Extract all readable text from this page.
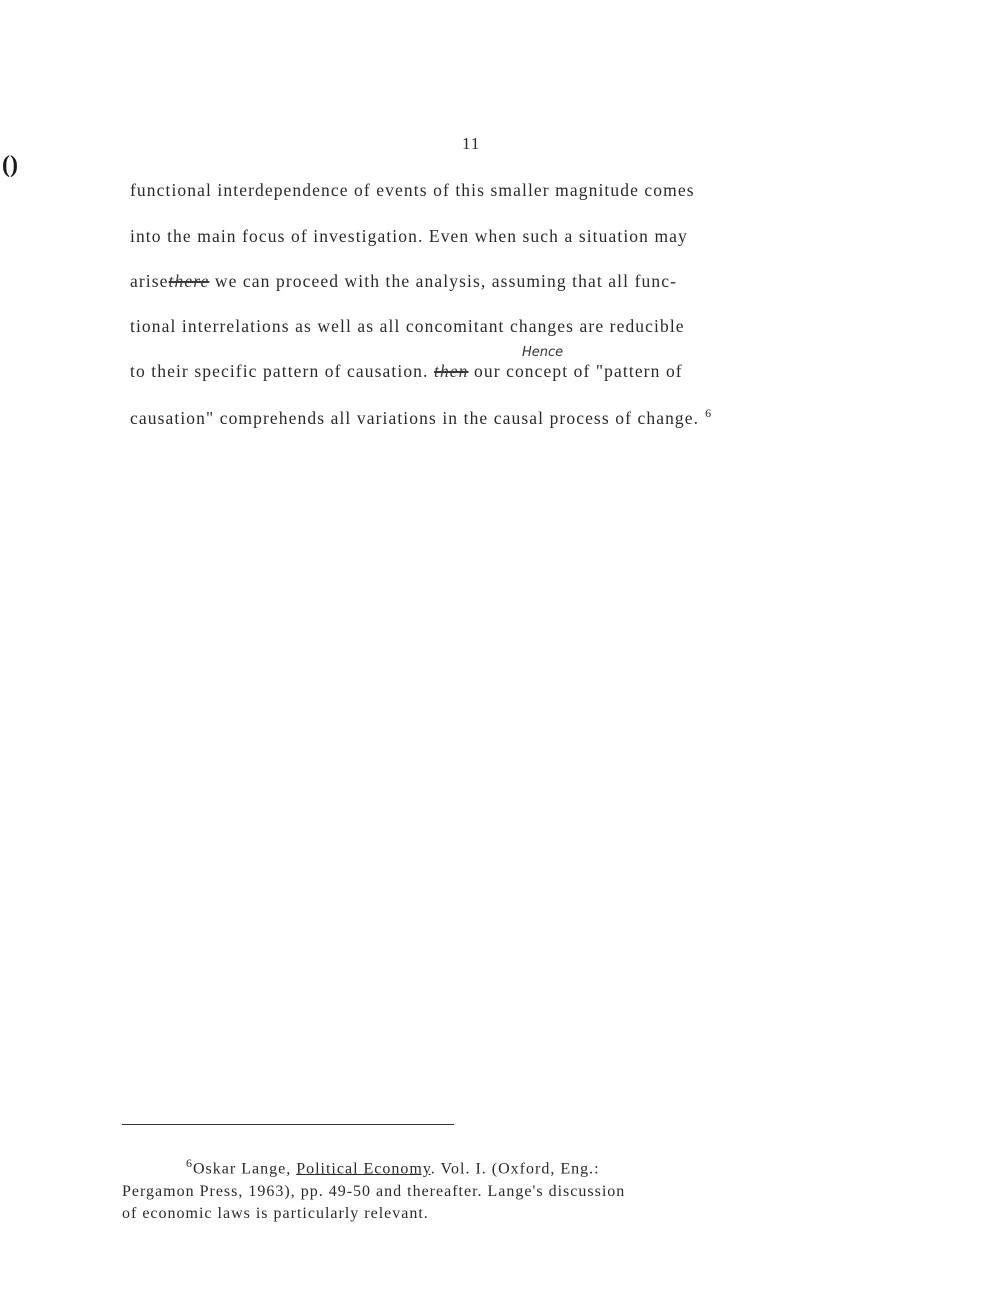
()
11
functional interdependence of events of this smaller magnitude comes
into the main focus of investigation. Even when such a situation may
arisethere we can proceed with the analysis, assuming that all func-
tional interrelations as well as all concomitant changes are reducible
Hence
to their specific pattern of causation. then our concept of "pattern of
causation" comprehends all variations in the causal process of change. $^6$
$^6$Oskar Lange, Political Economy. Vol. I. (Oxford, Eng.:
Pergamon Press, 1963), pp. 49-50 and thereafter. Lange's discussion
of economic laws is particularly relevant.
